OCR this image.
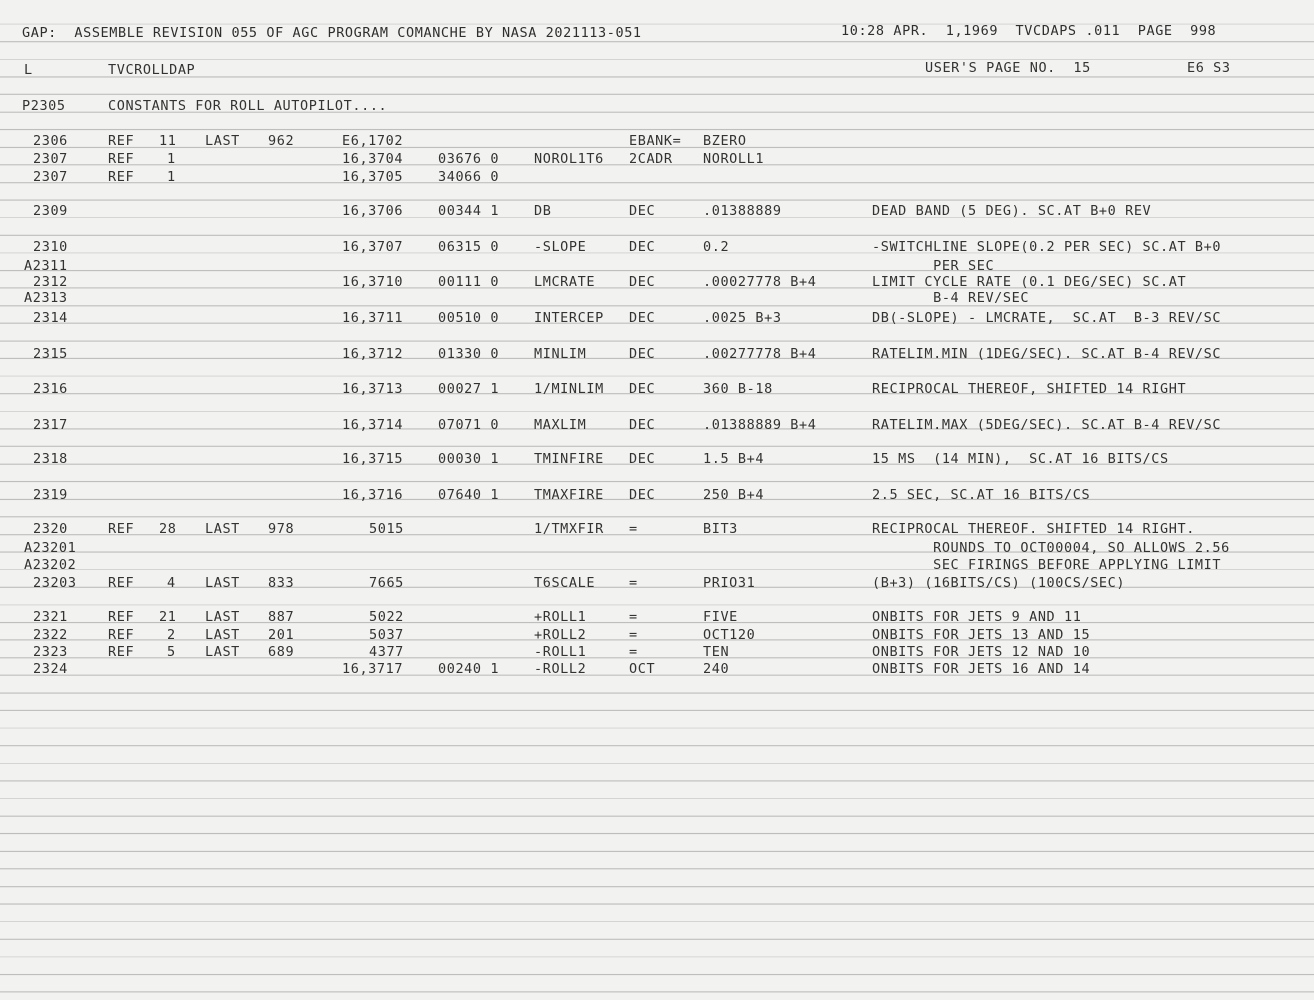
GAP:  ASSEMBLE REVISION 055 OF AGC PROGRAM COMANCHE BY NASA 2021113-051	10:28 APR.  1,1969  TVCDAPS .011  PAGE  998
L	TVCROLLDAP	USER'S PAGE NO.  15	E6 S3
P2305	CONSTANTS FOR ROLL AUTOPILOT....
2306	REF 11 LAST 962	E6,1702	EBANK= BZERO
2307	REF 1	16,3704	03676 0	NOROL1T6 2CADR NOROLL1
2307	REF 1	16,3705	34066 0
2309	16,3706	00344 1	DB	DEC	.01388889	DEAD BAND (5 DEG). SC.AT B+0 REV
2310	16,3707	06315 0	-SLOPE	DEC	0.2	-SWITCHLINE SLOPE(0.2 PER SEC) SC.AT B+0
A2311	PER SEC
2312	16,3710	00111 0	LMCRATE	DEC	.00027778 B+4	LIMIT CYCLE RATE (0.1 DEG/SEC) SC.AT
A2313	B-4 REV/SEC
2314	16,3711	00510 0	INTERCEP DEC	.0025 B+3	DB(-SLOPE) - LMCRATE,  SC.AT  B-3 REV/SC
2315	16,3712	01330 0	MINLIM	DEC	.00277778 B+4	RATELIM.MIN (1DEG/SEC). SC.AT B-4 REV/SC
2316	16,3713	00027 1	1/MINLIM DEC	360 B-18	RECIPROCAL THEREOF, SHIFTED 14 RIGHT
2317	16,3714	07071 0	MAXLIM	DEC	.01388889 B+4	RATELIM.MAX (5DEG/SEC). SC.AT B-4 REV/SC
2318	16,3715	00030 1	TMINFIRE DEC	1.5 B+4	15 MS  (14 MIN),  SC.AT 16 BITS/CS
2319	16,3716	07640 1	TMAXFIRE DEC	250 B+4	2.5 SEC, SC.AT 16 BITS/CS
2320	REF 28 LAST 978	5015	1/TMXFIR =	BIT3	RECIPROCAL THEREOF. SHIFTED 14 RIGHT.
A23201	ROUNDS TO OCT00004, SO ALLOWS 2.56
A23202	SEC FIRINGS BEFORE APPLYING LIMIT
23203 REF 4 LAST 833	7665	T6SCALE	=	PRIO31	(B+3) (16BITS/CS) (100CS/SEC)
2321	REF 21 LAST 887	5022	+ROLL1	=	FIVE	ONBITS FOR JETS 9 AND 11
2322	REF 2 LAST 201	5037	+ROLL2	=	OCT120	ONBITS FOR JETS 13 AND 15
2323	REF 5 LAST 689	4377	-ROLL1	=	TEN	ONBITS FOR JETS 12 NAD 10
2324	16,3717	00240 1	-ROLL2	OCT	240	ONBITS FOR JETS 16 AND 14
